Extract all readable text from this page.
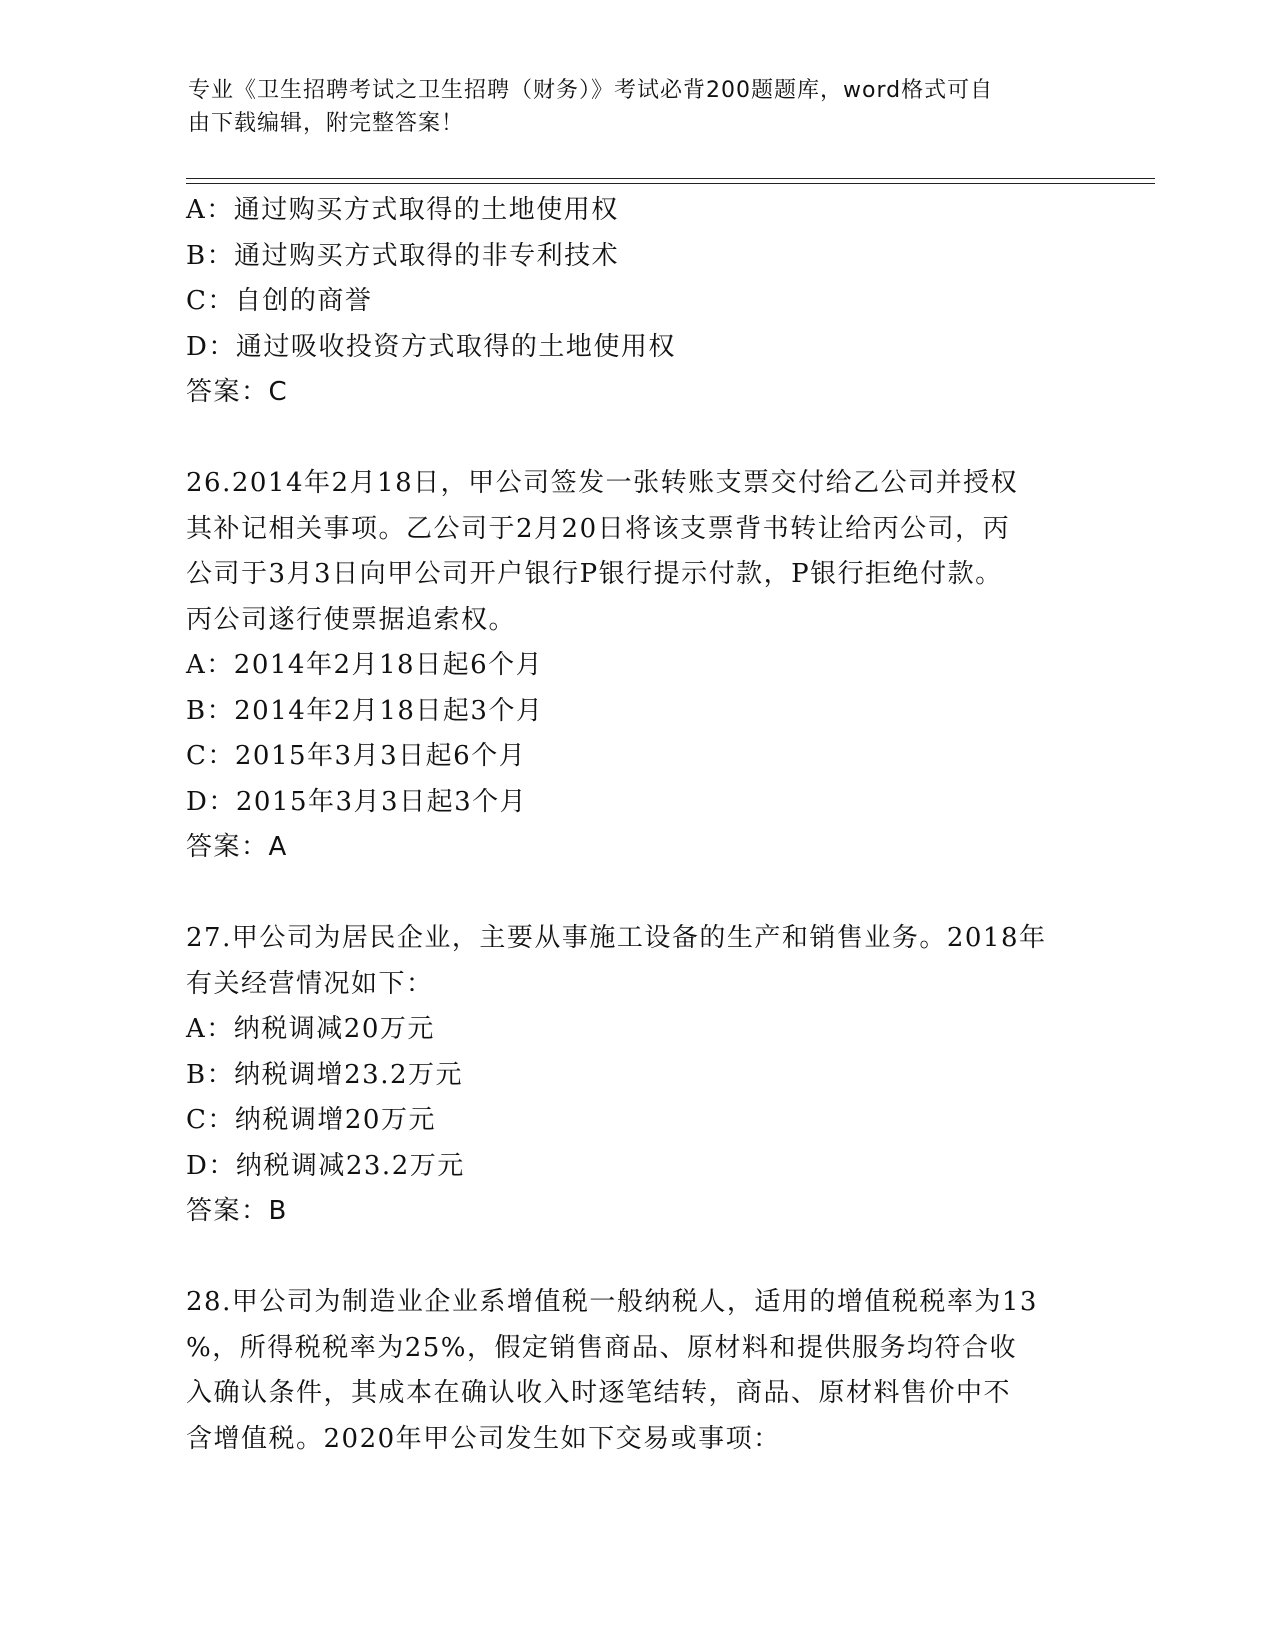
专业《卫生招聘考试之卫生招聘（财务）》考试必背200题题库，word格式可自
由下载编辑，附完整答案！
A：通过购买方式取得的土地使用权
B：通过购买方式取得的非专利技术
C：自创的商誉
D：通过吸收投资方式取得的土地使用权
答案：C
26.2014年2月18日，甲公司签发一张转账支票交付给乙公司并授权
其补记相关事项。乙公司于2月20日将该支票背书转让给丙公司，丙
公司于3月3日向甲公司开户银行P银行提示付款，P银行拒绝付款。
丙公司遂行使票据追索权。
A：2014年2月18日起6个月
B：2014年2月18日起3个月
C：2015年3月3日起6个月
D：2015年3月3日起3个月
答案：A
27.甲公司为居民企业，主要从事施工设备的生产和销售业务。2018年
有关经营情况如下：
A：纳税调减20万元
B：纳税调增23.2万元
C：纳税调增20万元
D：纳税调减23.2万元
答案：B
28.甲公司为制造业企业系增值税一般纳税人，适用的增值税税率为13
%，所得税税率为25%，假定销售商品、原材料和提供服务均符合收
入确认条件，其成本在确认收入时逐笔结转，商品、原材料售价中不
含增值税。2020年甲公司发生如下交易或事项：
